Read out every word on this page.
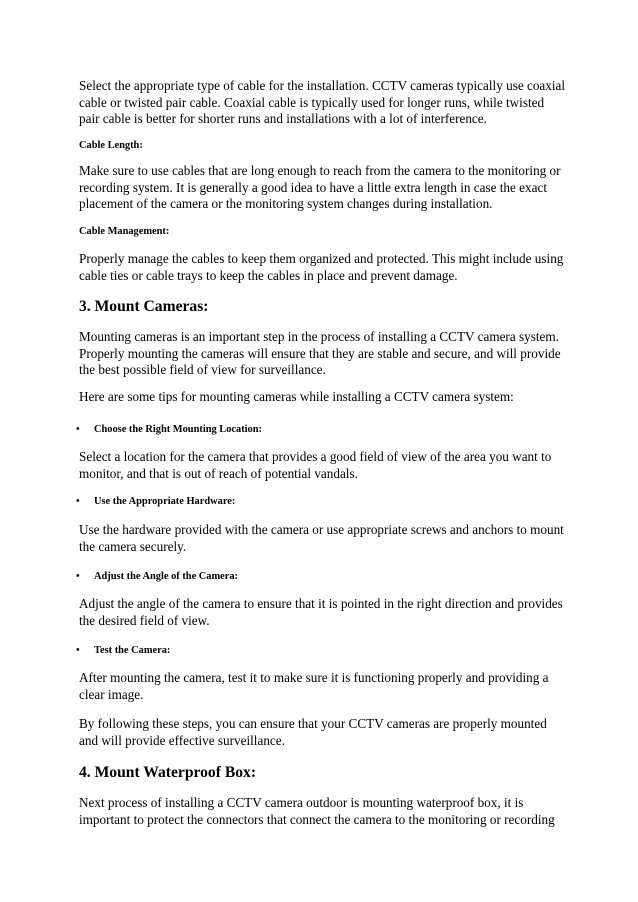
Select the appropriate type of cable for the installation. CCTV cameras typically use coaxial cable or twisted pair cable. Coaxial cable is typically used for longer runs, while twisted pair cable is better for shorter runs and installations with a lot of interference.

Cable Length:

Make sure to use cables that are long enough to reach from the camera to the monitoring or recording system. It is generally a good idea to have a little extra length in case the exact placement of the camera or the monitoring system changes during installation.

Cable Management:

Properly manage the cables to keep them organized and protected. This might include using cable ties or cable trays to keep the cables in place and prevent damage.

3. Mount Cameras:

Mounting cameras is an important step in the process of installing a CCTV camera system. Properly mounting the cameras will ensure that they are stable and secure, and will provide the best possible field of view for surveillance.

Here are some tips for mounting cameras while installing a CCTV camera system:

• Choose the Right Mounting Location:

Select a location for the camera that provides a good field of view of the area you want to monitor, and that is out of reach of potential vandals.

• Use the Appropriate Hardware:

Use the hardware provided with the camera or use appropriate screws and anchors to mount the camera securely.

• Adjust the Angle of the Camera:

Adjust the angle of the camera to ensure that it is pointed in the right direction and provides the desired field of view.

• Test the Camera:

After mounting the camera, test it to make sure it is functioning properly and providing a clear image.

By following these steps, you can ensure that your CCTV cameras are properly mounted and will provide effective surveillance.

4. Mount Waterproof Box:

Next process of installing a CCTV camera outdoor is mounting waterproof box, it is important to protect the connectors that connect the camera to the monitoring or recording
